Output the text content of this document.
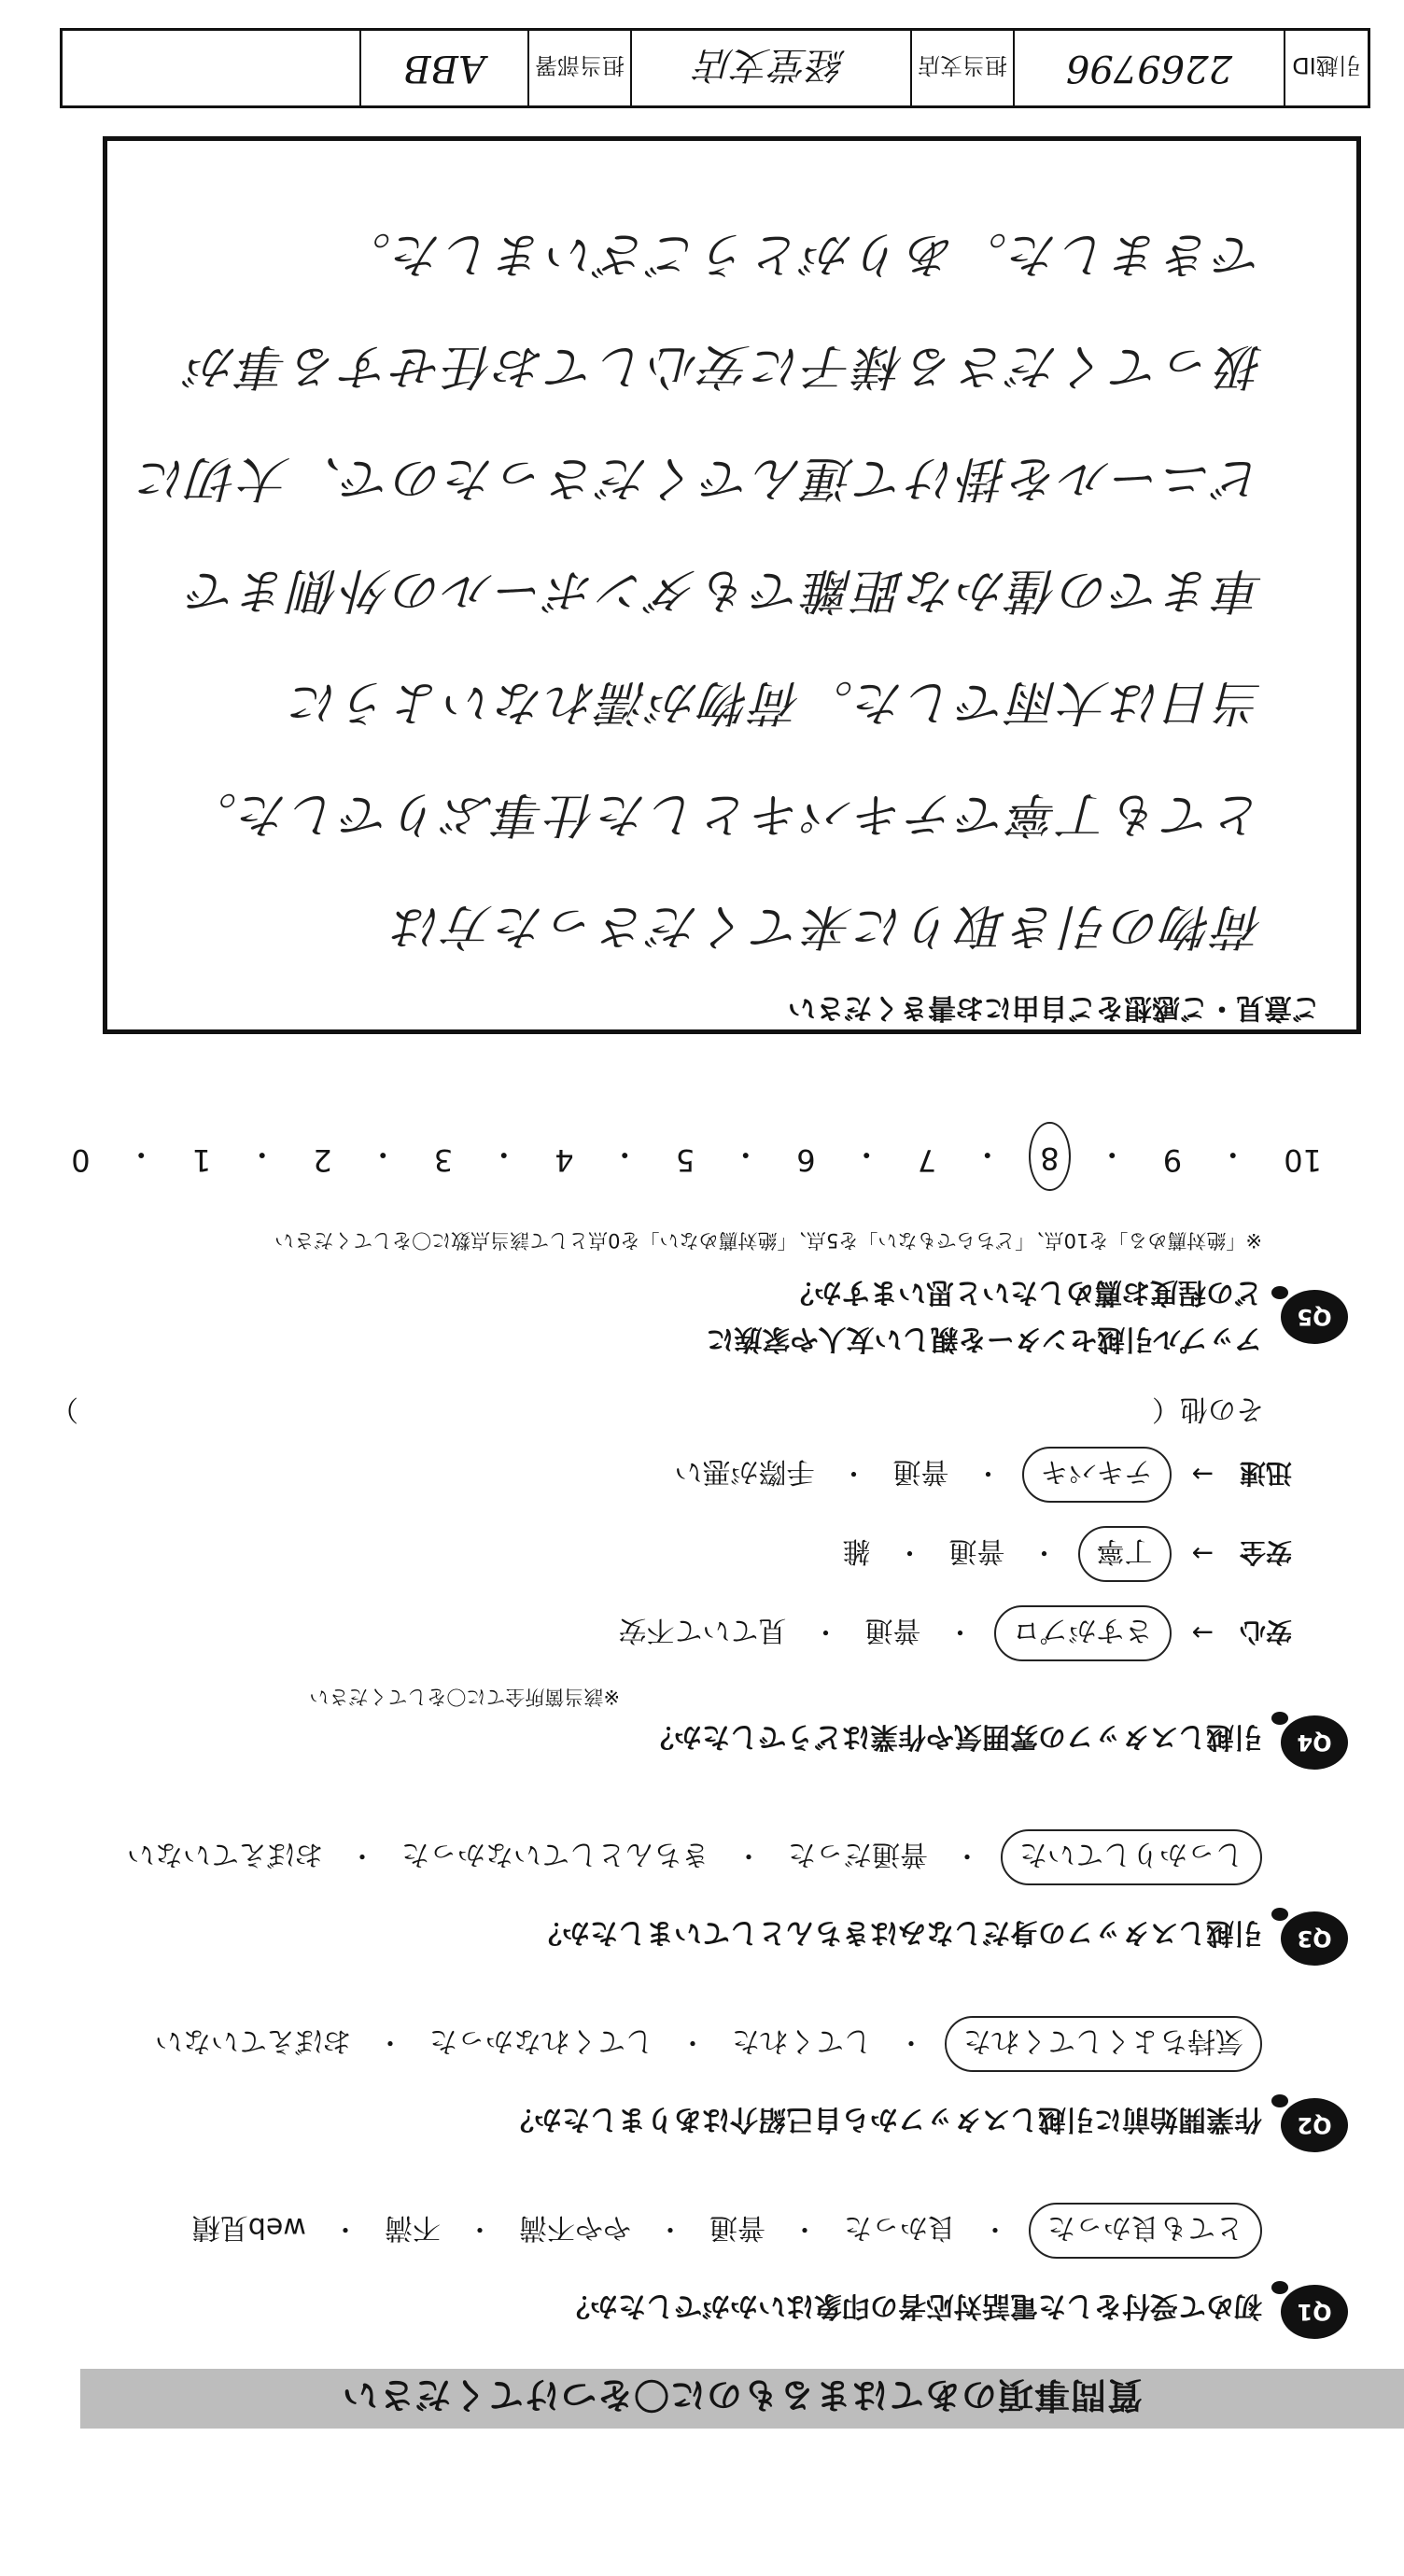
質問事項のあてはまるものに〇をつけてください
Q1
初めて受付をした電話対応者の印象はいかがでしたか？
とても良かった
・
良かった
・
普通
・
やや不満
・
不満
・
web見積
Q2
作業開始前に引越しスタッフから自己紹介はありましたか？
気持ちよくしてくれた
・
してくれた
・
してくれなかった
・
おぼえていない
Q3
引越しスタッフの身だしなみはきちんとしていましたか？
しっかりしていた
・
普通だった
・
きちんとしていなかった
・
おぼえていない
Q4
引越しスタッフの雰囲気や作業はどうでしたか？
※該当箇所全てに〇をしてください
安心
→
さすがプロ
・
普通
・
見ていて不安
安全
→
丁寧
・
普通
・
雑
迅速
→
テキパキ
・
普通
・
手際が悪い
その他（
）
Q5
アップル引越センターを親しい友人や家族に
どの程度お薦めしたいと思いますか？
※「絶対薦める」を10点、「どちらでもない」を5点、「絶対薦めない」を0点として該当点数に〇をしてください
10
・
9
・
8
・
7
・
6
・
5
・
4
・
3
・
2
・
1
・
0
ご意見・ご感想をご自由にお書きください
荷物の引き取りに来てくださった方は
とても丁寧でテキパキとした仕事ぶりでした。
当日は大雨でした。荷物が濡れないように
車までの僅かな距離でもダンボールの外側まで
ビニールを掛けて運んでくださったので、大切に
扱ってくださる様子に安心してお任せする事が
できました。ありがとうございました。
引越ID
2269796
担当支店
経堂支店
担当部署
ABB
